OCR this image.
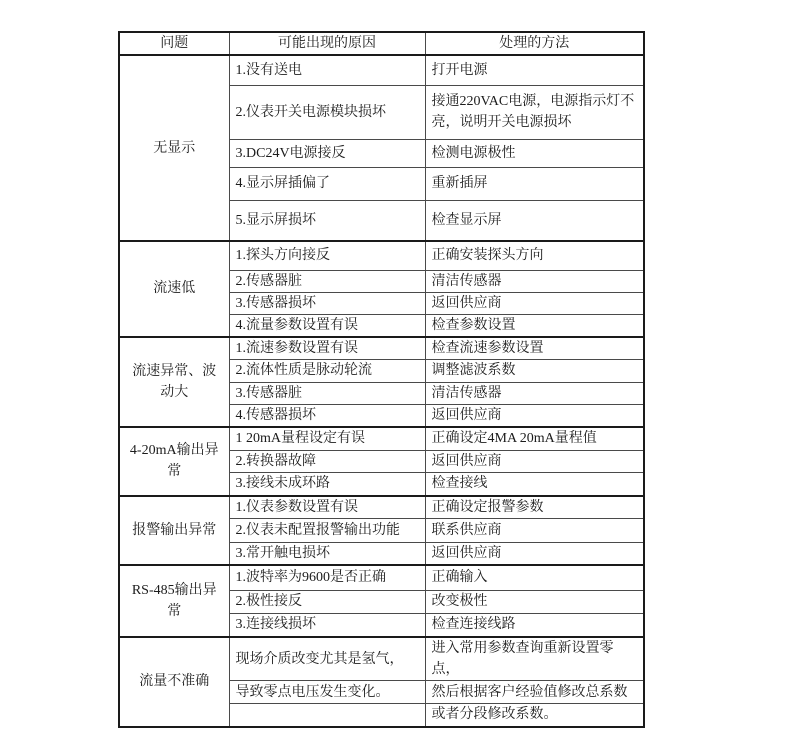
问题	可能出现的原因	处理的方法
无显示	1.没有送电	打开电源
	2.仪表开关电源模块损坏	接通220VAC电源，电源指示灯不亮，说明开关电源损坏
	3.DC24V电源接反	检测电源极性
	4.显示屏插偏了	重新插屏
	5.显示屏损坏	检查显示屏
流速低	1.探头方向接反	正确安装探头方向
	2.传感器脏	清洁传感器
	3.传感器损坏	返回供应商
	4.流量参数设置有误	检查参数设置
流速异常、波动大	1.流速参数设置有误	检查流速参数设置
	2.流体性质是脉动轮流	调整滤波系数
	3.传感器脏	清洁传感器
	4.传感器损坏	返回供应商
4-20mA输出异常	1 20mA量程设定有误	正确设定4MA 20mA量程值
	2.转换器故障	返回供应商
	3.接线未成环路	检查接线
报警输出异常	1.仪表参数设置有误	正确设定报警参数
	2.仪表未配置报警输出功能	联系供应商
	3.常开触电损坏	返回供应商
RS-485输出异常	1.波特率为9600是否正确	正确输入
	2.极性接反	改变极性
	3.连接线损坏	检查连接线路
流量不准确	现场介质改变尤其是氢气，	进入常用参数查询重新设置零点，
	导致零点电压发生变化。	然后根据客户经验值修改总系数
		或者分段修改系数。
